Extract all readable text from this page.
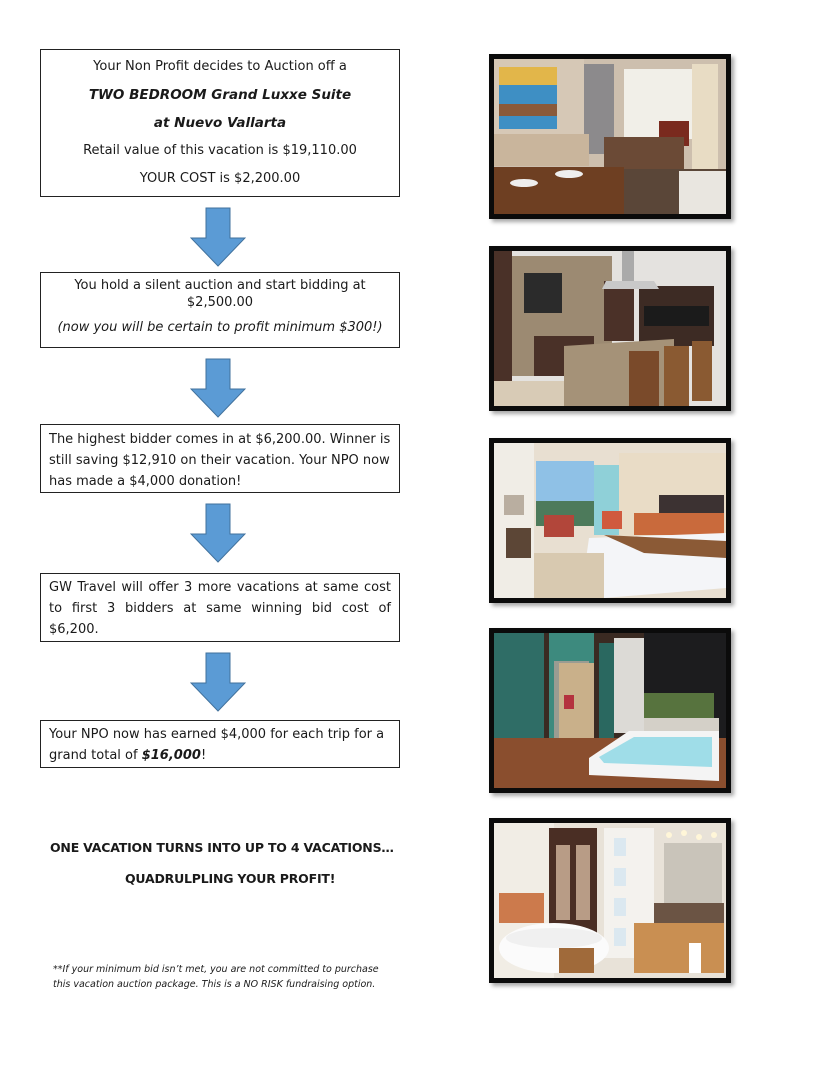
Your Non Profit decides to Auction off a

TWO BEDROOM Grand Luxxe Suite

at Nuevo Vallarta

Retail value of this vacation is $19,110.00

YOUR COST is $2,200.00

You hold a silent auction and start bidding at $2,500.00

(now you will be certain to profit minimum $300!)

The highest bidder comes in at $6,200.00. Winner is still saving $12,910 on their vacation. Your NPO now has made a $4,000 donation!

GW Travel will offer 3 more vacations at same cost to first 3 bidders at same winning bid cost of $6,200.

Your NPO now has earned $4,000 for each trip for a grand total of $16,000!

ONE VACATION TURNS INTO UP TO 4 VACATIONS…
QUADRULPLING YOUR PROFIT!
**If your minimum bid isn’t met, you are not committed to purchase
this vacation auction package. This is a NO RISK fundraising option.
